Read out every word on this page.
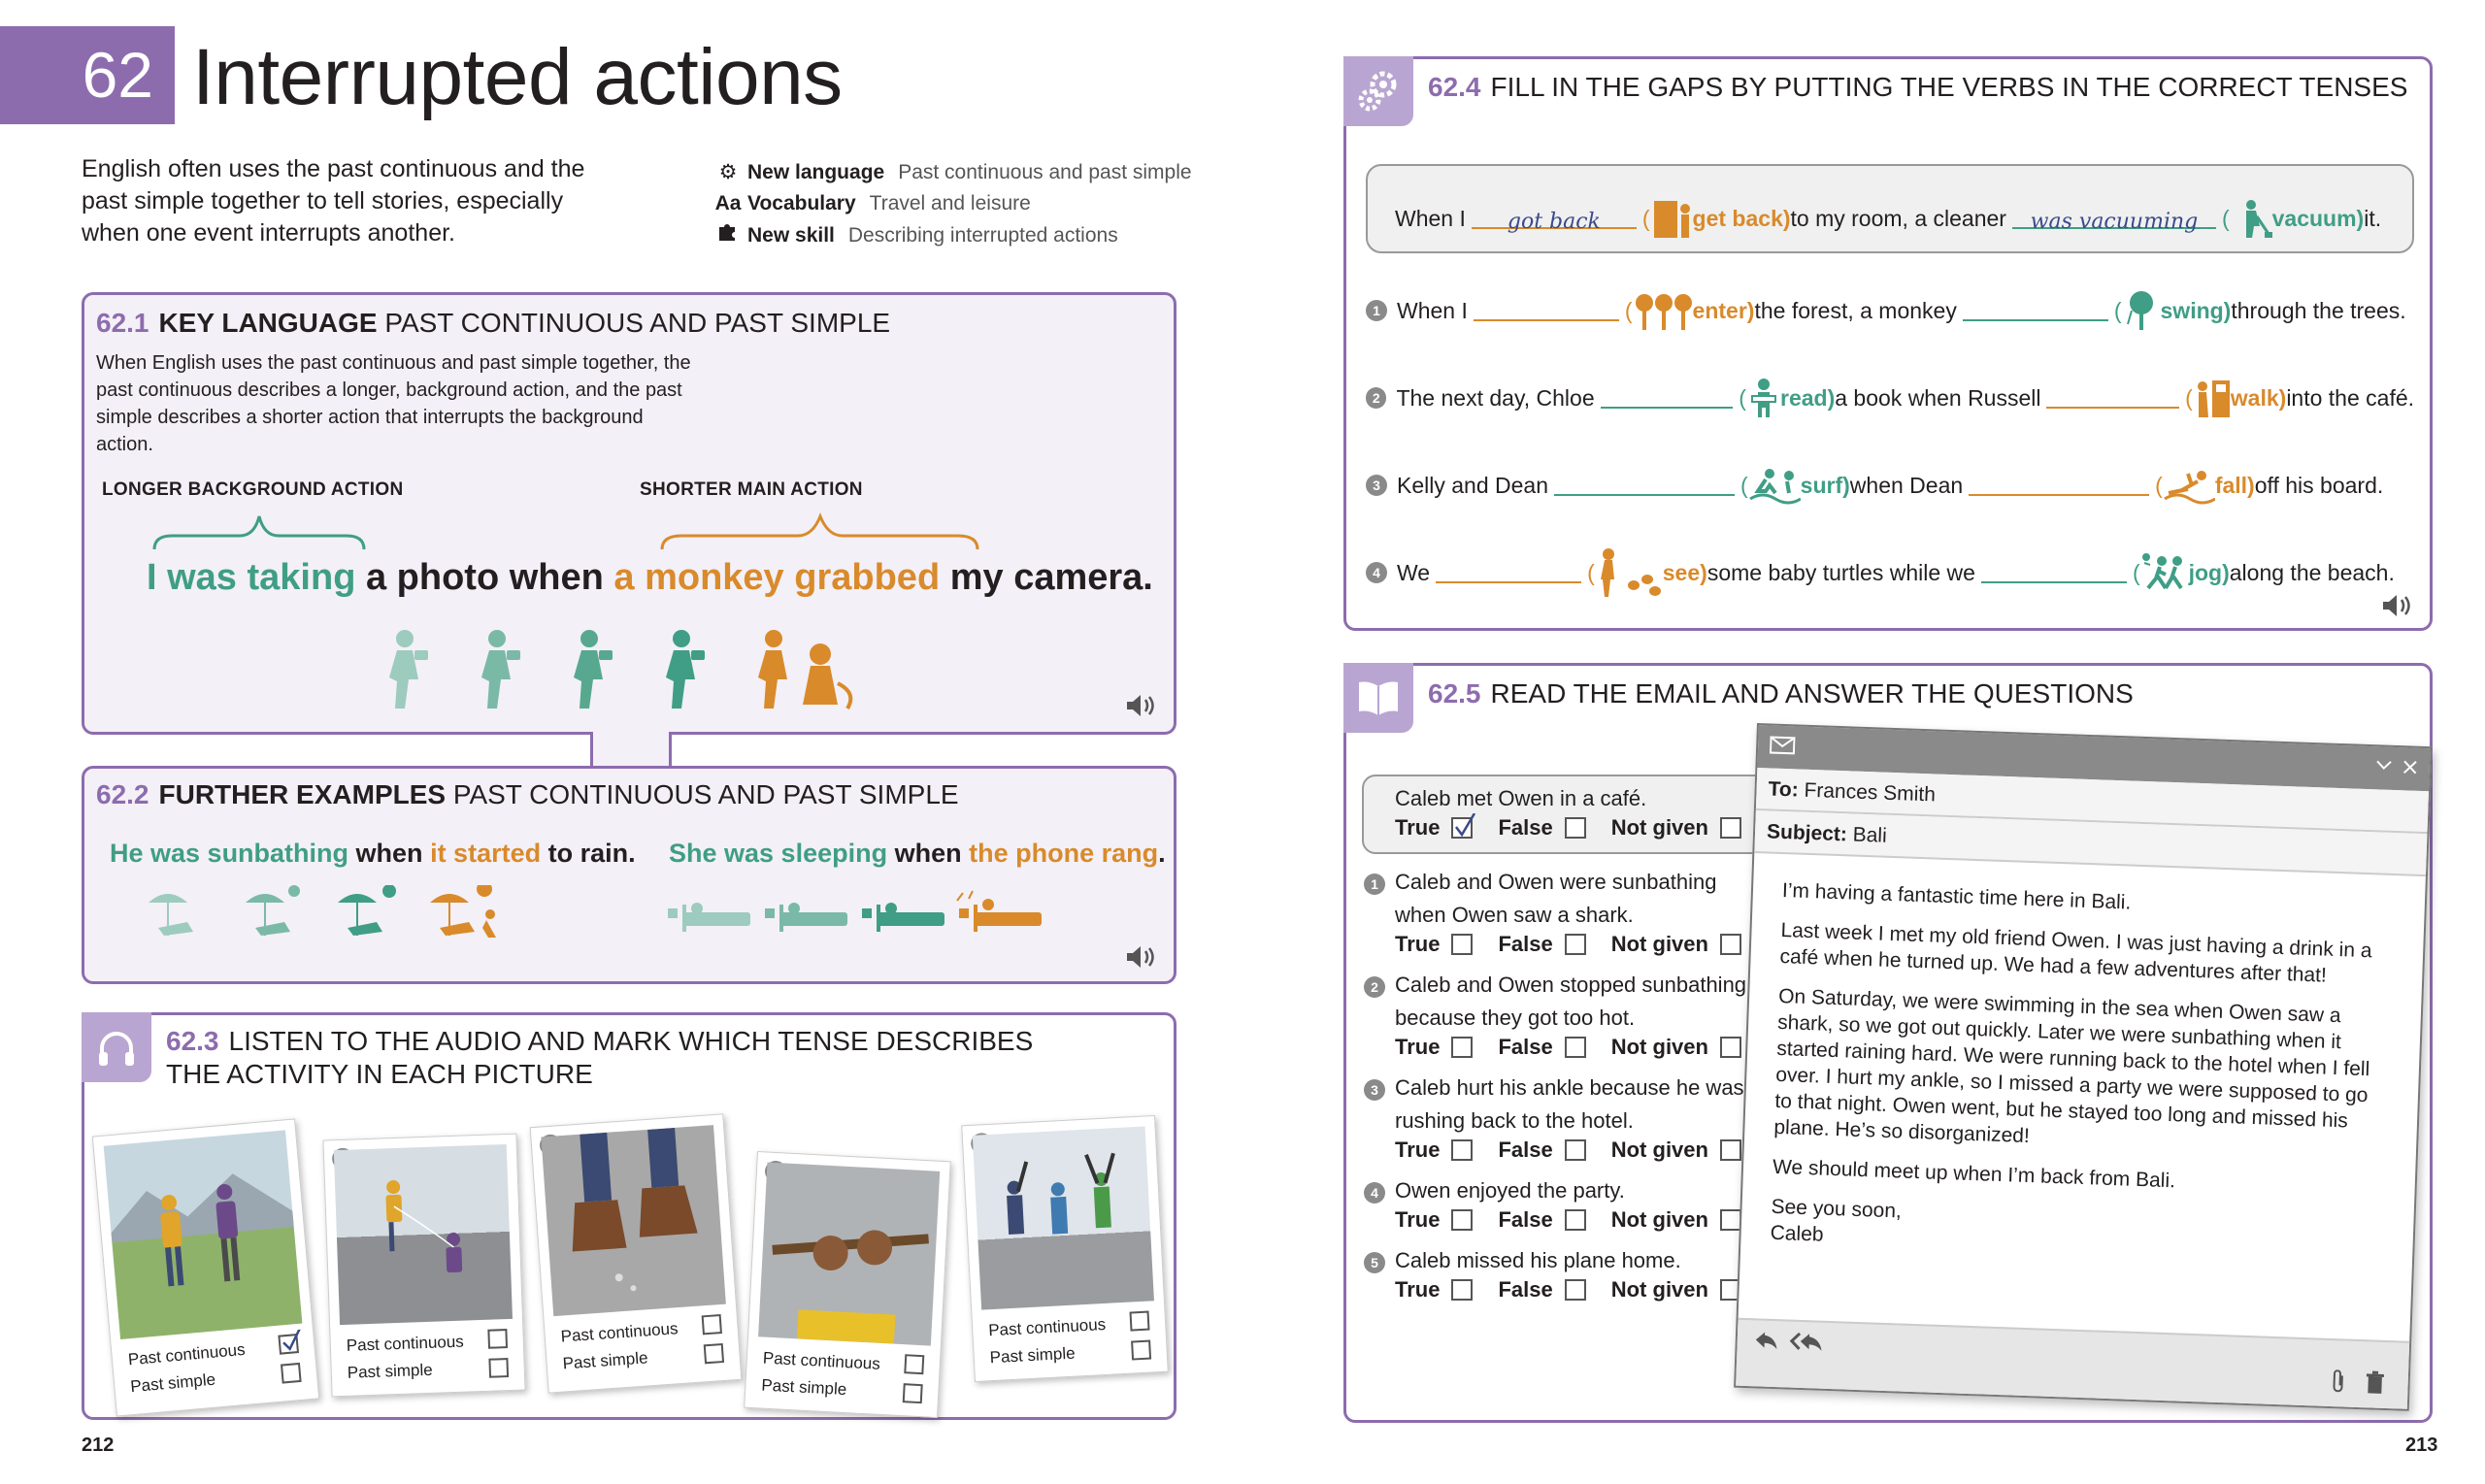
62 Interrupted actions
English often uses the past continuous and the past simple together to tell stories, especially when one event interrupts another.
⚙ New language Past continuous and past simple
Aa Vocabulary Travel and leisure
New skill Describing interrupted actions
62.1 KEY LANGUAGE PAST CONTINUOUS AND PAST SIMPLE
When English uses the past continuous and past simple together, the past continuous describes a longer, background action, and the past simple describes a shorter action that interrupts the background action.
LONGER BACKGROUND ACTION	SHORTER MAIN ACTION
I was taking a photo when a monkey grabbed my camera.
62.2 FURTHER EXAMPLES PAST CONTINUOUS AND PAST SIMPLE
He was sunbathing when it started to rain. She was sleeping when the phone rang.
62.3 LISTEN TO THE AUDIO AND MARK WHICH TENSE DESCRIBES
THE ACTIVITY IN EACH PICTURE
Past continuous
Past simple
Past continuous
Past simple
Past continuous
Past simple	Past continuous
Past simple
Past continuous
Past simple
212
62.4 FILL IN THE GAPS BY PUTTING THE VERBS IN THE CORRECT TENSES
When I	got back	( get back) to my room, a cleaner	was vacuuming	( vacuum) it.
1 When I	(	enter) the forest, a monkey	( swing) through the trees.
2 The next day, Chloe	( read) a book when Russell	( walk) into the café.
3 Kelly and Dean	( surf) when Dean	( fall) off his board.
4 We	(	see) some baby turtles while we	( jog) along the beach.
62.5 READ THE EMAIL AND ANSWER THE QUESTIONS
Caleb met Owen in a café.
True	False	Not given
1 Caleb and Owen were sunbathing
when Owen saw a shark.
True	False	Not given
2 Caleb and Owen stopped sunbathing
because they got too hot.
True	False	Not given
3 Caleb hurt his ankle because he was
rushing back to the hotel.
True	False	Not given
4 Owen enjoyed the party.
True	False	Not given
5 Caleb missed his plane home.
True	False	Not given
To: Frances Smith
Subject: Bali

I’m having a fantastic time here in Bali.

Last week I met my old friend Owen. I was just having a drink in a café when he turned up. We had a few adventures after that!

On Saturday, we were swimming in the sea when Owen saw a shark, so we got out quickly. Later we were sunbathing when it started raining hard. We were running back to the hotel when I fell over. I hurt my ankle, so I missed a party we were supposed to go to that night. Owen went, but he stayed too long and missed his plane. He’s so disorganized!

We should meet up when I’m back from Bali.

See you soon,
Caleb
213
